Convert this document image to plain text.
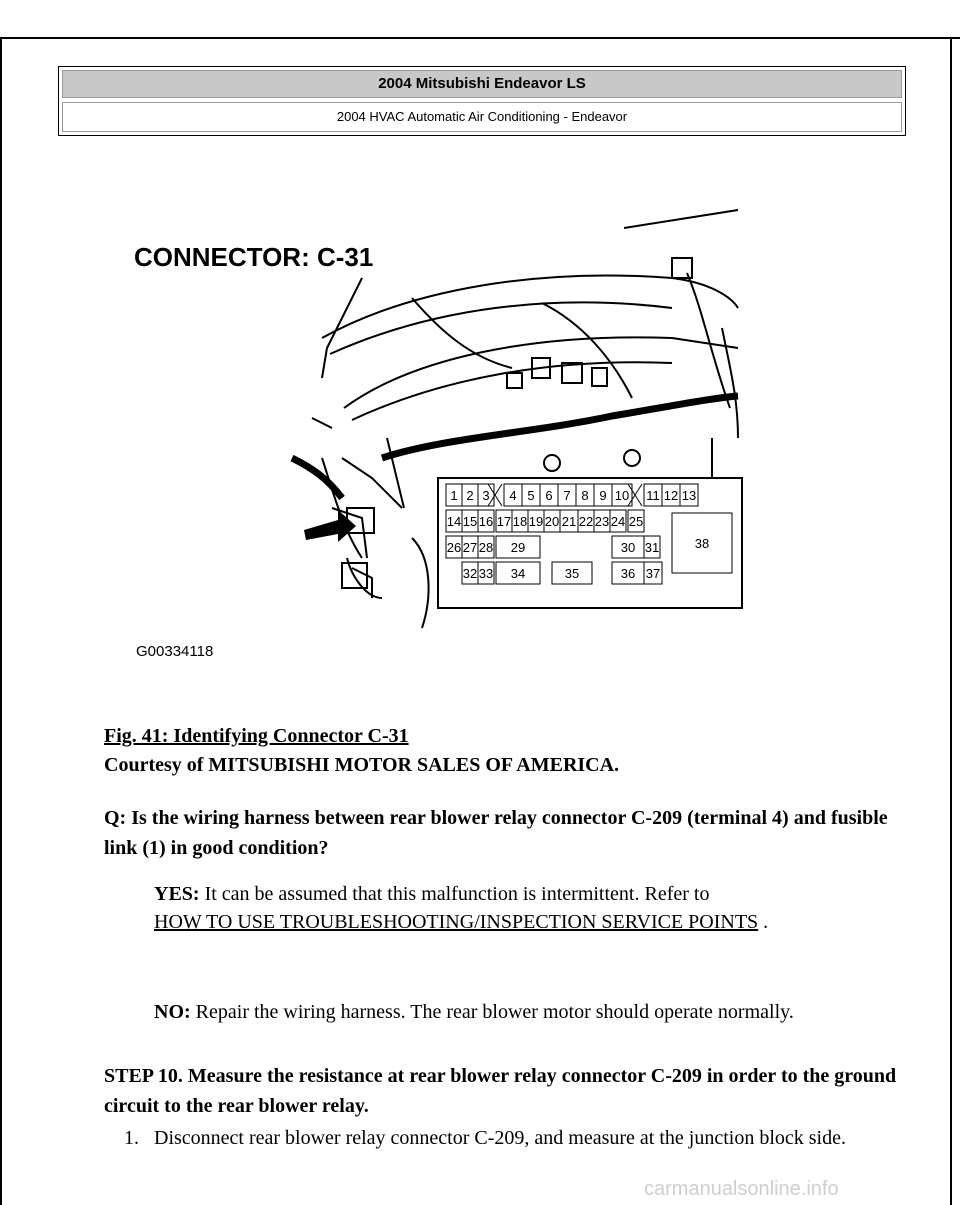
2004 Mitsubishi Endeavor LS
2004 HVAC Automatic Air Conditioning - Endeavor
CONNECTOR: C-31
G00334118
1 2 3 4 5 6 7 8 9 10 11 12 13
14 15 16 17 18 19 20 21 22 23 24 25
26 27 28 29	30 31
32 33 34	35	36 37
38
Fig. 41: Identifying Connector C-31
Courtesy of MITSUBISHI MOTOR SALES OF AMERICA.
Q: Is the wiring harness between rear blower relay connector C-209 (terminal 4) and fusible link (1) in good condition?
YES: It can be assumed that this malfunction is intermittent. Refer to
HOW TO USE TROUBLESHOOTING/INSPECTION SERVICE POINTS .
NO: Repair the wiring harness. The rear blower motor should operate normally.
STEP 10. Measure the resistance at rear blower relay connector C-209 in order to the ground circuit to the rear blower relay.
1. Disconnect rear blower relay connector C-209, and measure at the junction block side.
carmanualsonline.info
